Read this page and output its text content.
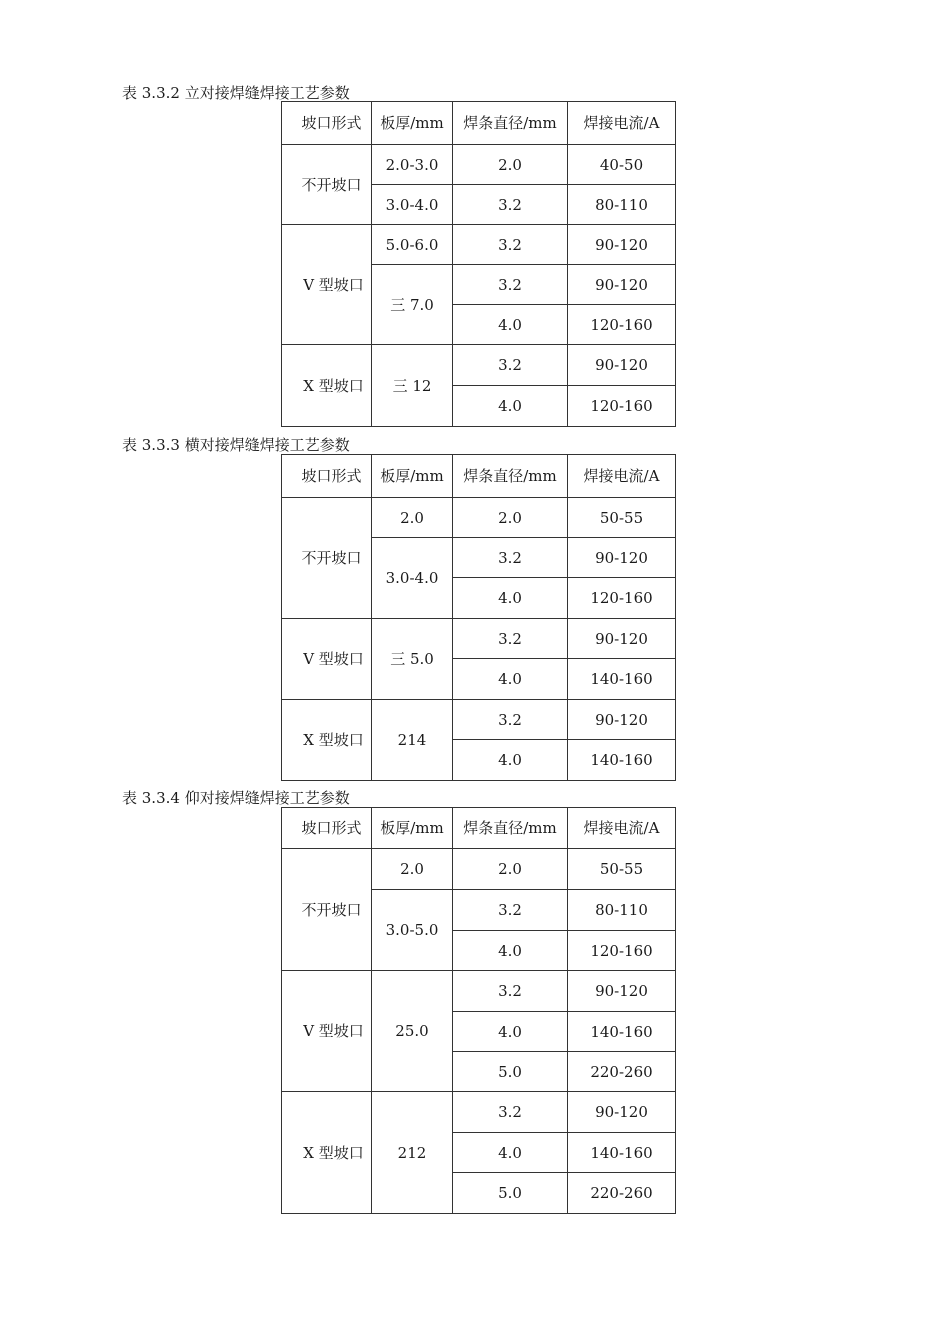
表 3.3.2 立对接焊缝焊接工艺参数
坡口形式	板厚/mm	焊条直径/mm	焊接电流/A
不开坡口	2.0-3.0	2.0	40-50
	3.0-4.0	3.2	80-110
V 型坡口	5.0-6.0	3.2	90-120
	三 7.0	3.2	90-120
		4.0	120-160
X 型坡口	三 12	3.2	90-120
		4.0	120-160
表 3.3.3 横对接焊缝焊接工艺参数
坡口形式	板厚/mm	焊条直径/mm	焊接电流/A
不开坡口	2.0	2.0	50-55
	3.0-4.0	3.2	90-120
		4.0	120-160
V 型坡口	三 5.0	3.2	90-120
		4.0	140-160
X 型坡口	214	3.2	90-120
		4.0	140-160
表 3.3.4 仰对接焊缝焊接工艺参数
坡口形式	板厚/mm	焊条直径/mm	焊接电流/A
不开坡口	2.0	2.0	50-55
	3.0-5.0	3.2	80-110
		4.0	120-160
V 型坡口	25.0	3.2	90-120
		4.0	140-160
		5.0	220-260
X 型坡口	212	3.2	90-120
		4.0	140-160
		5.0	220-260
